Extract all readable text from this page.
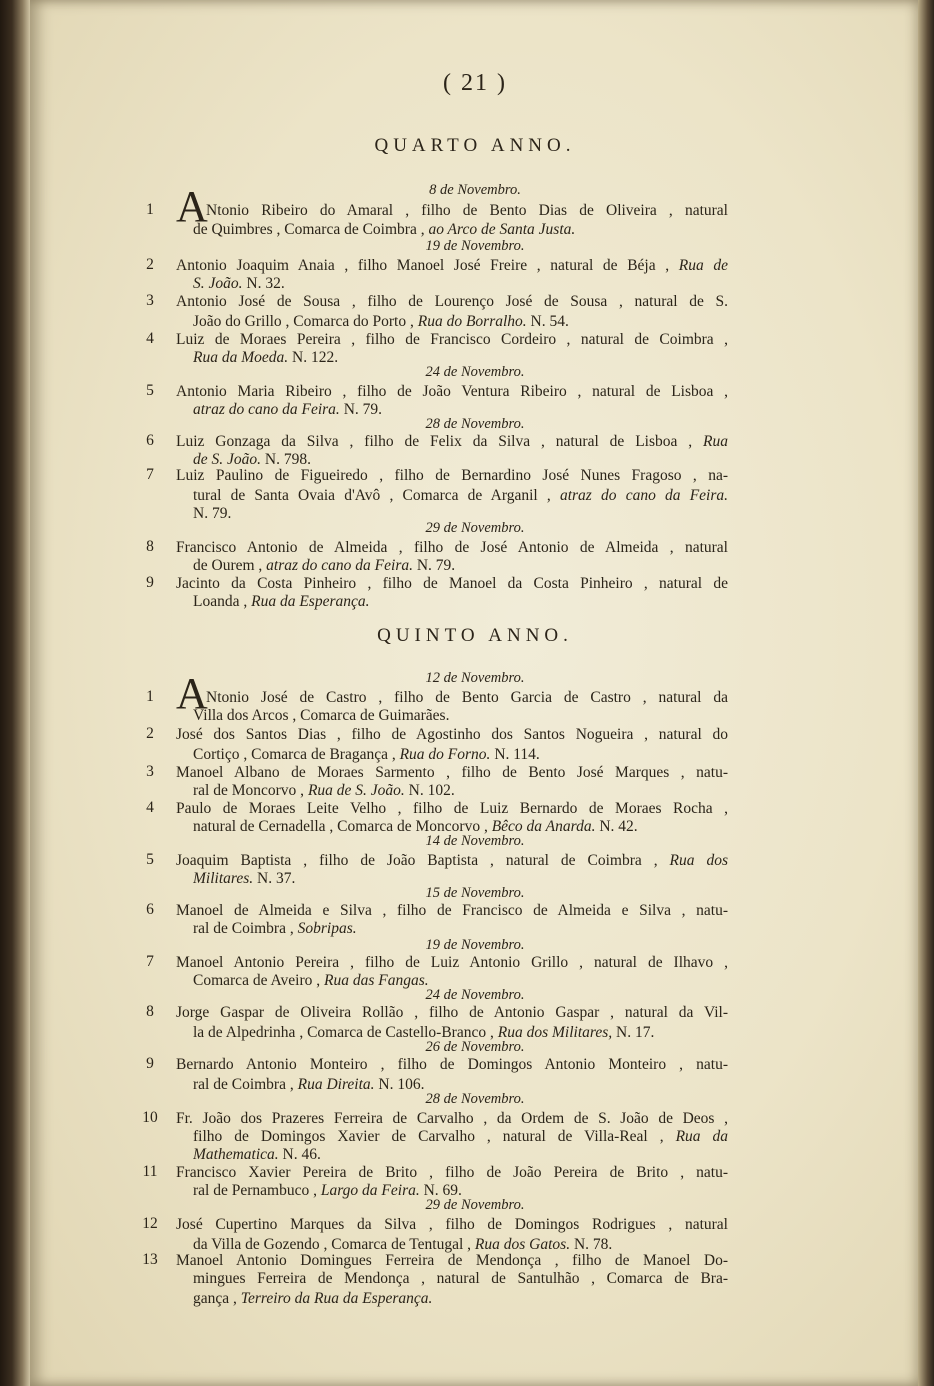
( 21 )
QUARTO ANNO.
8 de Novembro.
1	Ntonio Ribeiro do Amaral , filho de Bento Dias de Oliveira , natural
A
de Quimbres , Comarca de Coimbra , ao Arco de Santa Justa.
19 de Novembro.
2	Antonio Joaquim Anaia , filho Manoel José Freire , natural de Béja , Rua de
S. João. N. 32.
3	Antonio José de Sousa , filho de Lourenço José de Sousa , natural de S.
João do Grillo , Comarca do Porto , Rua do Borralho. N. 54.
4	Luiz de Moraes Pereira , filho de Francisco Cordeiro , natural de Coimbra ,
Rua da Moeda. N. 122.
24 de Novembro.
5	Antonio Maria Ribeiro , filho de João Ventura Ribeiro , natural de Lisboa ,
atraz do cano da Feira. N. 79.
28 de Novembro.
6	Luiz Gonzaga da Silva , filho de Felix da Silva , natural de Lisboa , Rua
de S. João. N. 798.
7	Luiz Paulino de Figueiredo , filho de Bernardino José Nunes Fragoso , na-
tural de Santa Ovaia d'Avô , Comarca de Arganil , atraz do cano da Feira.
N. 79.
29 de Novembro.
8	Francisco Antonio de Almeida , filho de José Antonio de Almeida , natural
de Ourem , atraz do cano da Feira. N. 79.
9	Jacinto da Costa Pinheiro , filho de Manoel da Costa Pinheiro , natural de
Loanda , Rua da Esperança.
QUINTO ANNO.
12 de Novembro.
1	Ntonio José de Castro , filho de Bento Garcia de Castro , natural da
A
Villa dos Arcos , Comarca de Guimarães.
2	José dos Santos Dias , filho de Agostinho dos Santos Nogueira , natural do
Cortiço , Comarca de Bragança , Rua do Forno. N. 114.
3	Manoel Albano de Moraes Sarmento , filho de Bento José Marques , natu-
ral de Moncorvo , Rua de S. João. N. 102.
4	Paulo de Moraes Leite Velho , filho de Luiz Bernardo de Moraes Rocha ,
natural de Cernadella , Comarca de Moncorvo , Bêco da Anarda. N. 42.
14 de Novembro.
5	Joaquim Baptista , filho de João Baptista , natural de Coimbra , Rua dos
Militares. N. 37.
15 de Novembro.
6	Manoel de Almeida e Silva , filho de Francisco de Almeida e Silva , natu-
ral de Coimbra , Sobripas.
19 de Novembro.
7	Manoel Antonio Pereira , filho de Luiz Antonio Grillo , natural de Ilhavo ,
Comarca de Aveiro , Rua das Fangas.
24 de Novembro.
8	Jorge Gaspar de Oliveira Rollão , filho de Antonio Gaspar , natural da Vil-
la de Alpedrinha , Comarca de Castello-Branco , Rua dos Militares, N. 17.
26 de Novembro.
9	Bernardo Antonio Monteiro , filho de Domingos Antonio Monteiro , natu-
ral de Coimbra , Rua Direita. N. 106.
28 de Novembro.
10	Fr. João dos Prazeres Ferreira de Carvalho , da Ordem de S. João de Deos ,
filho de Domingos Xavier de Carvalho , natural de Villa-Real , Rua da
Mathematica. N. 46.
11	Francisco Xavier Pereira de Brito , filho de João Pereira de Brito , natu-
ral de Pernambuco , Largo da Feira. N. 69.
29 de Novembro.
12	José Cupertino Marques da Silva , filho de Domingos Rodrigues , natural
da Villa de Gozendo , Comarca de Tentugal , Rua dos Gatos. N. 78.
13	Manoel Antonio Domingues Ferreira de Mendonça , filho de Manoel Do-
mingues Ferreira de Mendonça , natural de Santulhão , Comarca de Bra-
gança , Terreiro da Rua da Esperança.
